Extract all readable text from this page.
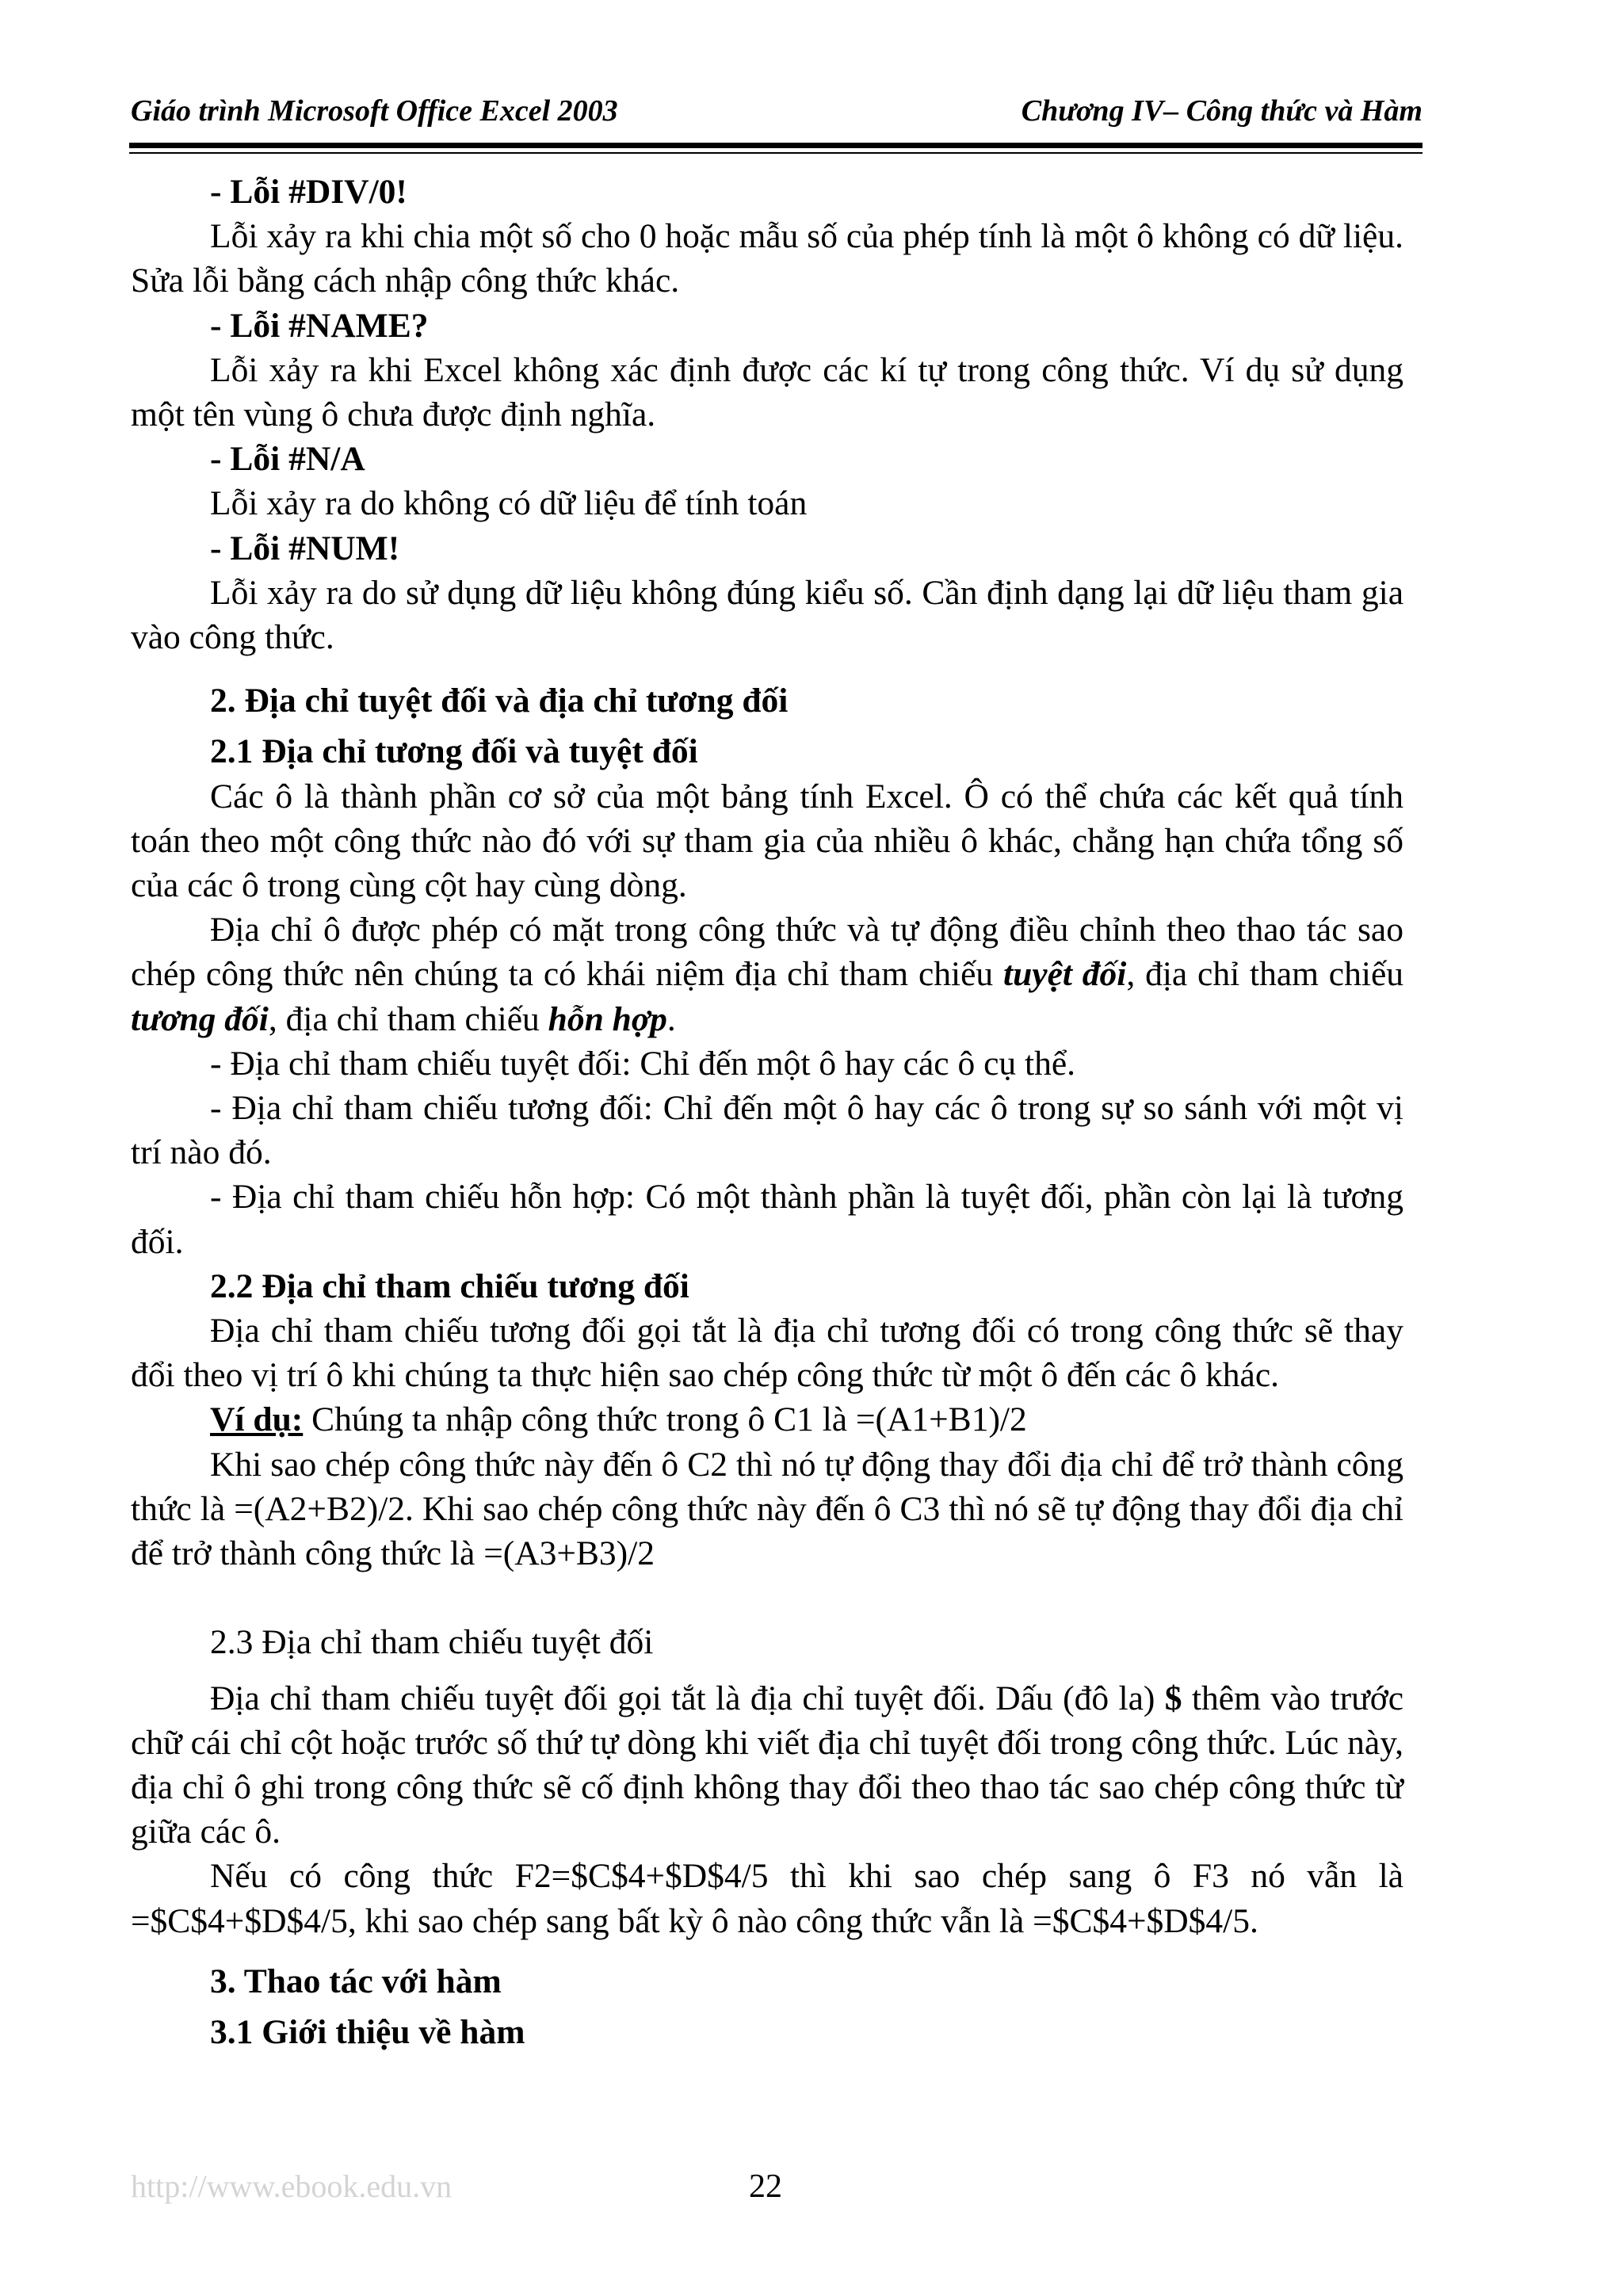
Giáo trình Microsoft Office Excel 2003	Chương IV– Công thức và Hàm

- Lỗi #DIV/0!

Lỗi xảy ra khi chia một số cho 0 hoặc mẫu số của phép tính là một ô không có dữ liệu. Sửa lỗi bằng cách nhập công thức khác.

- Lỗi #NAME?

Lỗi xảy ra khi Excel không xác định được các kí tự trong công thức. Ví dụ sử dụng một tên vùng ô chưa được định nghĩa.

- Lỗi #N/A

Lỗi xảy ra do không có dữ liệu để tính toán

- Lỗi #NUM!

Lỗi xảy ra do sử dụng dữ liệu không đúng kiểu số. Cần định dạng lại dữ liệu tham gia vào công thức.

2. Địa chỉ tuyệt đối và địa chỉ tương đối

2.1 Địa chỉ tương đối và tuyệt đối

Các ô là thành phần cơ sở của một bảng tính Excel. Ô có thể chứa các kết quả tính toán theo một công thức nào đó với sự tham gia của nhiều ô khác, chẳng hạn chứa tổng số của các ô trong cùng cột hay cùng dòng.

Địa chỉ ô được phép có mặt trong công thức và tự động điều chỉnh theo thao tác sao chép công thức nên chúng ta có khái niệm địa chỉ tham chiếu tuyệt đối, địa chỉ tham chiếu tương đối, địa chỉ tham chiếu hỗn hợp.

- Địa chỉ tham chiếu tuyệt đối: Chỉ đến một ô hay các ô cụ thể.

- Địa chỉ tham chiếu tương đối: Chỉ đến một ô hay các ô trong sự so sánh với một vị trí nào đó.

- Địa chỉ tham chiếu hỗn hợp: Có một thành phần là tuyệt đối, phần còn lại là tương đối.

2.2 Địa chỉ tham chiếu tương đối

Địa chỉ tham chiếu tương đối gọi tắt là địa chỉ tương đối có trong công thức sẽ thay đổi theo vị trí ô khi chúng ta thực hiện sao chép công thức từ một ô đến các ô khác.

Ví dụ: Chúng ta nhập công thức trong ô C1 là =(A1+B1)/2

Khi sao chép công thức này đến ô C2 thì nó tự động thay đổi địa chỉ để trở thành công thức là =(A2+B2)/2. Khi sao chép công thức này đến ô C3 thì nó sẽ tự động thay đổi địa chỉ để trở thành công thức là =(A3+B3)/2

2.3 Địa chỉ tham chiếu tuyệt đối

Địa chỉ tham chiếu tuyệt đối gọi tắt là địa chỉ tuyệt đối. Dấu (đô la) $ thêm vào trước chữ cái chỉ cột hoặc trước số thứ tự dòng khi viết địa chỉ tuyệt đối trong công thức. Lúc này, địa chỉ ô ghi trong công thức sẽ cố định không thay đổi theo thao tác sao chép công thức từ giữa các ô.

Nếu có công thức F2=$C$4+$D$4/5 thì khi sao chép sang ô F3 nó vẫn là =$C$4+$D$4/5, khi sao chép sang bất kỳ ô nào công thức vẫn là =$C$4+$D$4/5.

3. Thao tác với hàm

3.1 Giới thiệu về hàm

http://www.ebook.edu.vn	22
